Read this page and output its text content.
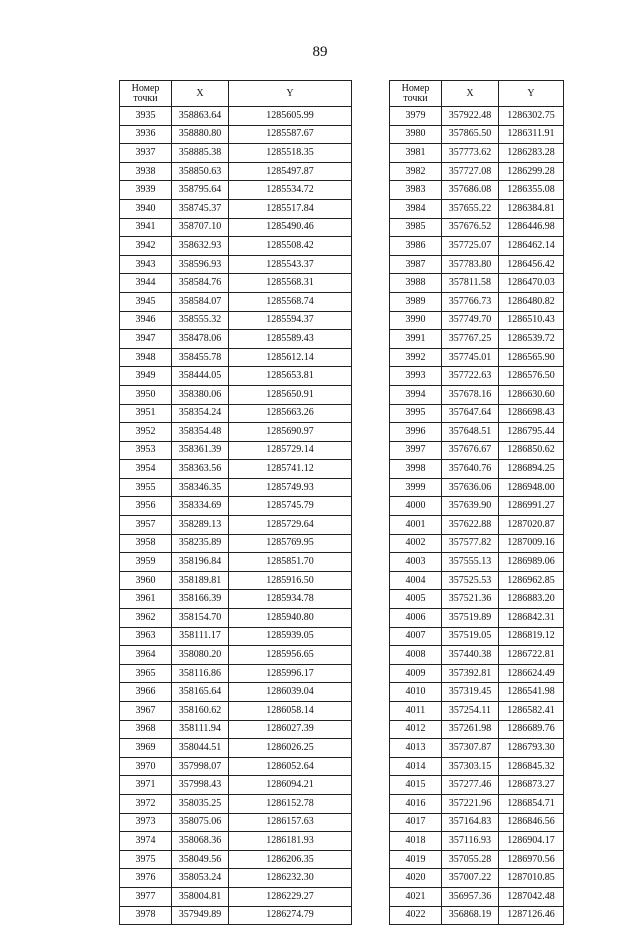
89
Номер точки	X	Y
3935	358863.64	1285605.99
3936	358880.80	1285587.67
3937	358885.38	1285518.35
3938	358850.63	1285497.87
3939	358795.64	1285534.72
3940	358745.37	1285517.84
3941	358707.10	1285490.46
3942	358632.93	1285508.42
3943	358596.93	1285543.37
3944	358584.76	1285568.31
3945	358584.07	1285568.74
3946	358555.32	1285594.37
3947	358478.06	1285589.43
3948	358455.78	1285612.14
3949	358444.05	1285653.81
3950	358380.06	1285650.91
3951	358354.24	1285663.26
3952	358354.48	1285690.97
3953	358361.39	1285729.14
3954	358363.56	1285741.12
3955	358346.35	1285749.93
3956	358334.69	1285745.79
3957	358289.13	1285729.64
3958	358235.89	1285769.95
3959	358196.84	1285851.70
3960	358189.81	1285916.50
3961	358166.39	1285934.78
3962	358154.70	1285940.80
3963	358111.17	1285939.05
3964	358080.20	1285956.65
3965	358116.86	1285996.17
3966	358165.64	1286039.04
3967	358160.62	1286058.14
3968	358111.94	1286027.39
3969	358044.51	1286026.25
3970	357998.07	1286052.64
3971	357998.43	1286094.21
3972	358035.25	1286152.78
3973	358075.06	1286157.63
3974	358068.36	1286181.93
3975	358049.56	1286206.35
3976	358053.24	1286232.30
3977	358004.81	1286229.27
3978	357949.89	1286274.79
Номер точки	X	Y
3979	357922.48	1286302.75
3980	357865.50	1286311.91
3981	357773.62	1286283.28
3982	357727.08	1286299.28
3983	357686.08	1286355.08
3984	357655.22	1286384.81
3985	357676.52	1286446.98
3986	357725.07	1286462.14
3987	357783.80	1286456.42
3988	357811.58	1286470.03
3989	357766.73	1286480.82
3990	357749.70	1286510.43
3991	357767.25	1286539.72
3992	357745.01	1286565.90
3993	357722.63	1286576.50
3994	357678.16	1286630.60
3995	357647.64	1286698.43
3996	357648.51	1286795.44
3997	357676.67	1286850.62
3998	357640.76	1286894.25
3999	357636.06	1286948.00
4000	357639.90	1286991.27
4001	357622.88	1287020.87
4002	357577.82	1287009.16
4003	357555.13	1286989.06
4004	357525.53	1286962.85
4005	357521.36	1286883.20
4006	357519.89	1286842.31
4007	357519.05	1286819.12
4008	357440.38	1286722.81
4009	357392.81	1286624.49
4010	357319.45	1286541.98
4011	357254.11	1286582.41
4012	357261.98	1286689.76
4013	357307.87	1286793.30
4014	357303.15	1286845.32
4015	357277.46	1286873.27
4016	357221.96	1286854.71
4017	357164.83	1286846.56
4018	357116.93	1286904.17
4019	357055.28	1286970.56
4020	357007.22	1287010.85
4021	356957.36	1287042.48
4022	356868.19	1287126.46
